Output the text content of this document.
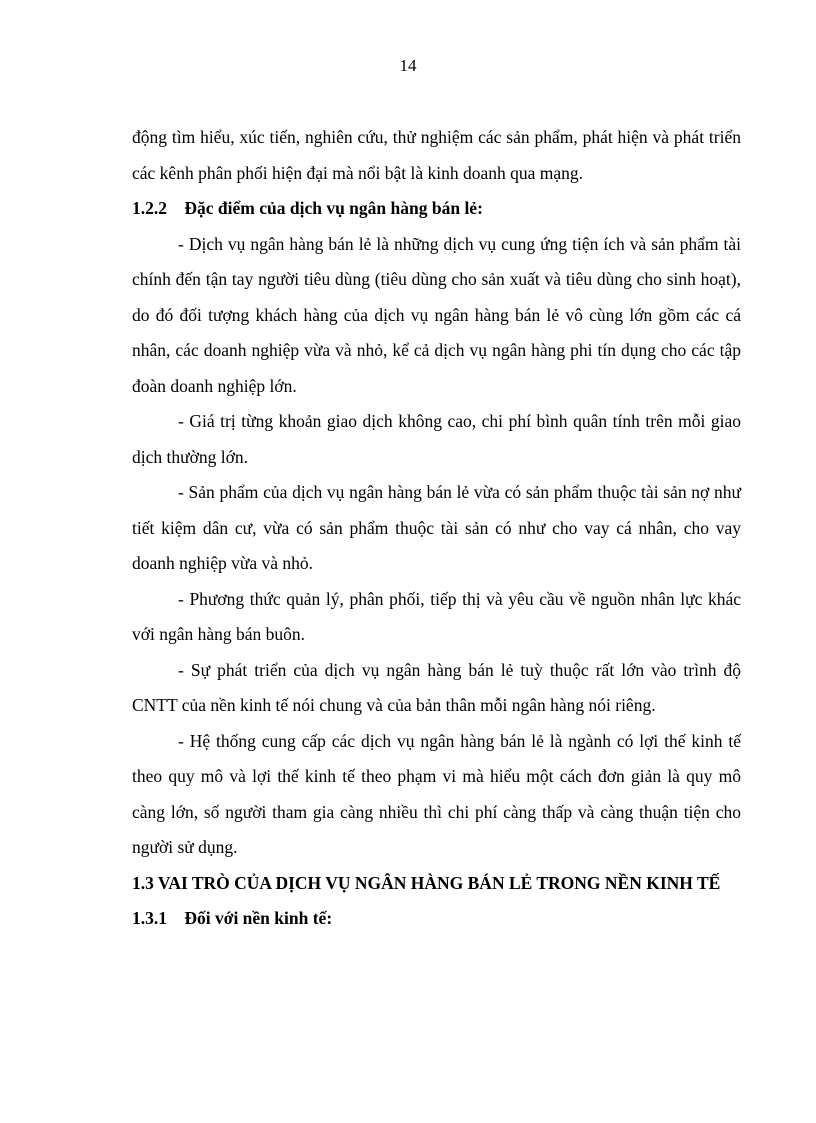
14

động tìm hiểu, xúc tiến, nghiên cứu, thử nghiệm các sản phẩm, phát hiện và phát triển các kênh phân phối hiện đại mà nổi bật là kinh doanh qua mạng.

1.2.2 Đặc điểm của dịch vụ ngân hàng bán lẻ:

- Dịch vụ ngân hàng bán lẻ là những dịch vụ cung ứng tiện ích và sản phẩm tài chính đến tận tay người tiêu dùng (tiêu dùng cho sản xuất và tiêu dùng cho sinh hoạt), do đó đối tượng khách hàng của dịch vụ ngân hàng bán lẻ vô cùng lớn gồm các cá nhân, các doanh nghiệp vừa và nhỏ, kể cả dịch vụ ngân hàng phi tín dụng cho các tập đoàn doanh nghiệp lớn.

- Giá trị từng khoản giao dịch không cao, chi phí bình quân tính trên mỗi giao dịch thường lớn.

- Sản phẩm của dịch vụ ngân hàng bán lẻ vừa có sản phẩm thuộc tài sản nợ như tiết kiệm dân cư, vừa có sản phẩm thuộc tài sản có như cho vay cá nhân, cho vay doanh nghiệp vừa và nhỏ.

- Phương thức quản lý, phân phối, tiếp thị và yêu cầu về nguồn nhân lực khác với ngân hàng bán buôn.

- Sự phát triển của dịch vụ ngân hàng bán lẻ tuỳ thuộc rất lớn vào trình độ CNTT của nền kinh tế nói chung và của bản thân mỗi ngân hàng nói riêng.

- Hệ thống cung cấp các dịch vụ ngân hàng bán lẻ là ngành có lợi thế kinh tế theo quy mô và lợi thế kinh tế theo phạm vi mà hiểu một cách đơn giản là quy mô càng lớn, số người tham gia càng nhiều thì chi phí càng thấp và càng thuận tiện cho người sử dụng.

1.3 VAI TRÒ CỦA DỊCH VỤ NGÂN HÀNG BÁN LẺ TRONG NỀN KINH TẾ

1.3.1 Đối với nền kinh tế:
